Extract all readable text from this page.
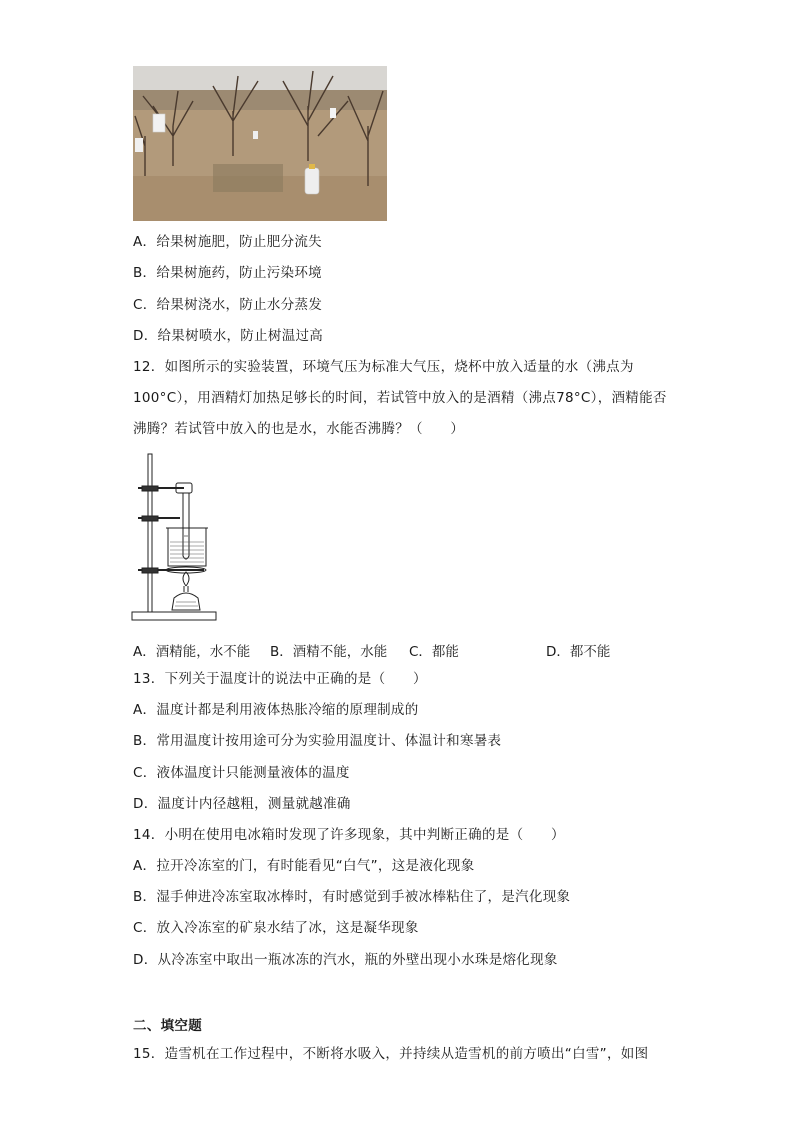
A．给果树施肥，防止肥分流失
B．给果树施药，防止污染环境
C．给果树浇水，防止水分蒸发
D．给果树喷水，防止树温过高
12．如图所示的实验装置，环境气压为标准大气压，烧杯中放入适量的水（沸点为
100°C），用酒精灯加热足够长的时间，若试管中放入的是酒精（沸点78°C），酒精能否
沸腾？若试管中放入的也是水，水能否沸腾？（　　）
A．酒精能，水不能 B．酒精不能，水能 C．都能	D．都不能
13．下列关于温度计的说法中正确的是（　　）
A．温度计都是利用液体热胀冷缩的原理制成的
B．常用温度计按用途可分为实验用温度计、体温计和寒暑表
C．液体温度计只能测量液体的温度
D．温度计内径越粗，测量就越准确
14．小明在使用电冰箱时发现了许多现象，其中判断正确的是（　　）
A．拉开冷冻室的门，有时能看见“白气”，这是液化现象
B．湿手伸进冷冻室取冰棒时，有时感觉到手被冰棒粘住了，是汽化现象
C．放入冷冻室的矿泉水结了冰，这是凝华现象
D．从冷冻室中取出一瓶冰冻的汽水，瓶的外壁出现小水珠是熔化现象
二、填空题
15．造雪机在工作过程中，不断将水吸入，并持续从造雪机的前方喷出“白雪”，如图
